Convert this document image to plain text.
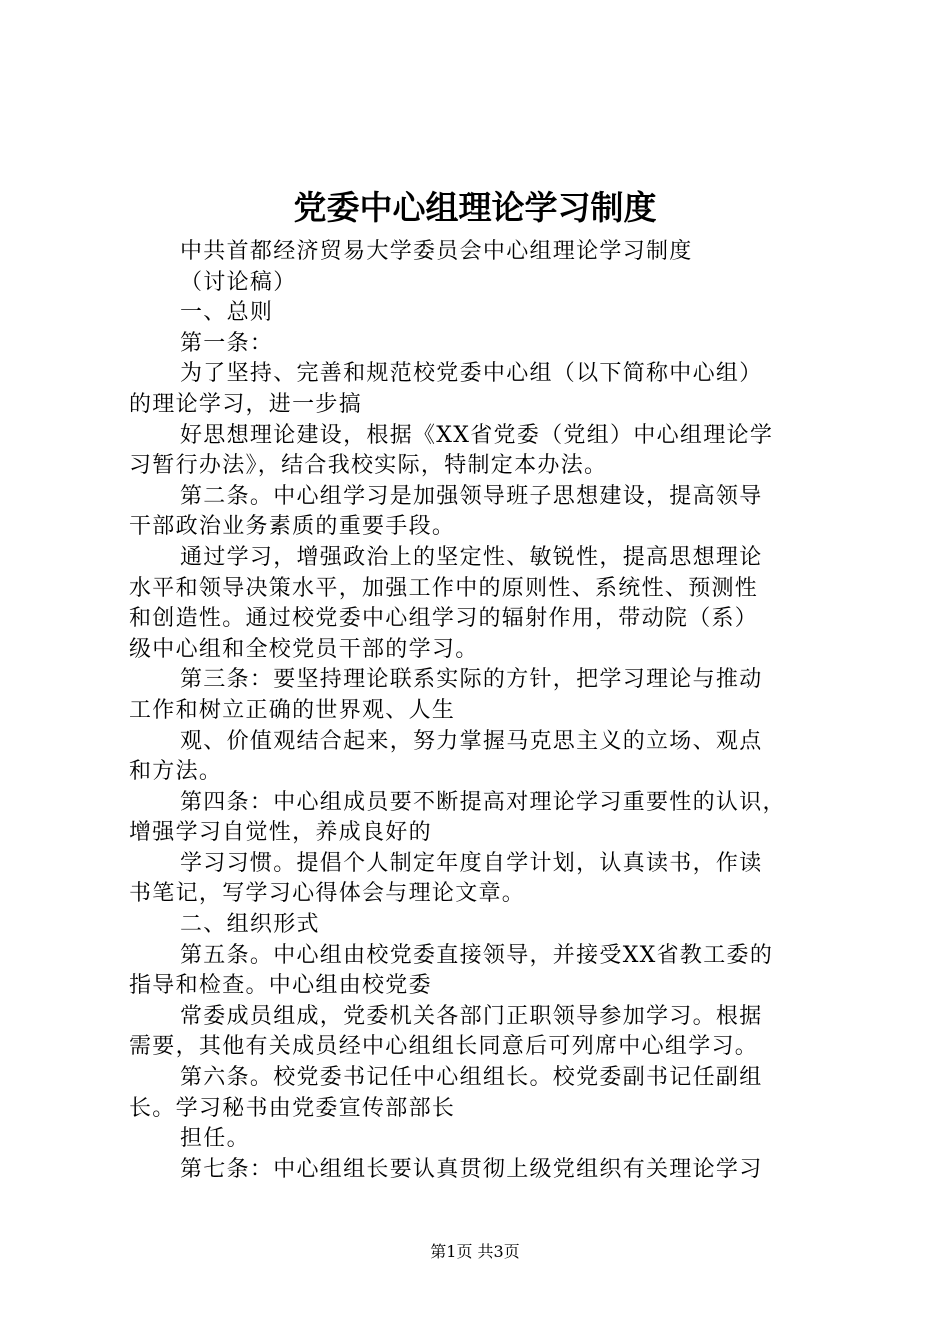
党委中心组理论学习制度
中共首都经济贸易大学委员会中心组理论学习制度
（讨论稿）
一、总则
第一条：
为了坚持、完善和规范校党委中心组（以下简称中心组）
的理论学习，进一步搞
好思想理论建设，根据《XX省党委（党组）中心组理论学
习暂行办法》，结合我校实际，特制定本办法。
第二条。中心组学习是加强领导班子思想建设，提高领导
干部政治业务素质的重要手段。
通过学习，增强政治上的坚定性、敏锐性，提高思想理论
水平和领导决策水平，加强工作中的原则性、系统性、预测性
和创造性。通过校党委中心组学习的辐射作用，带动院（系）
级中心组和全校党员干部的学习。
第三条：要坚持理论联系实际的方针，把学习理论与推动
工作和树立正确的世界观、人生
观、价值观结合起来，努力掌握马克思主义的立场、观点
和方法。
第四条：中心组成员要不断提高对理论学习重要性的认识，
增强学习自觉性，养成良好的
学习习惯。提倡个人制定年度自学计划，认真读书，作读
书笔记，写学习心得体会与理论文章。
二、组织形式
第五条。中心组由校党委直接领导，并接受XX省教工委的
指导和检查。中心组由校党委
常委成员组成，党委机关各部门正职领导参加学习。根据
需要，其他有关成员经中心组组长同意后可列席中心组学习。
第六条。校党委书记任中心组组长。校党委副书记任副组
长。学习秘书由党委宣传部部长
担任。
第七条：中心组组长要认真贯彻上级党组织有关理论学习
第1页 共3页
